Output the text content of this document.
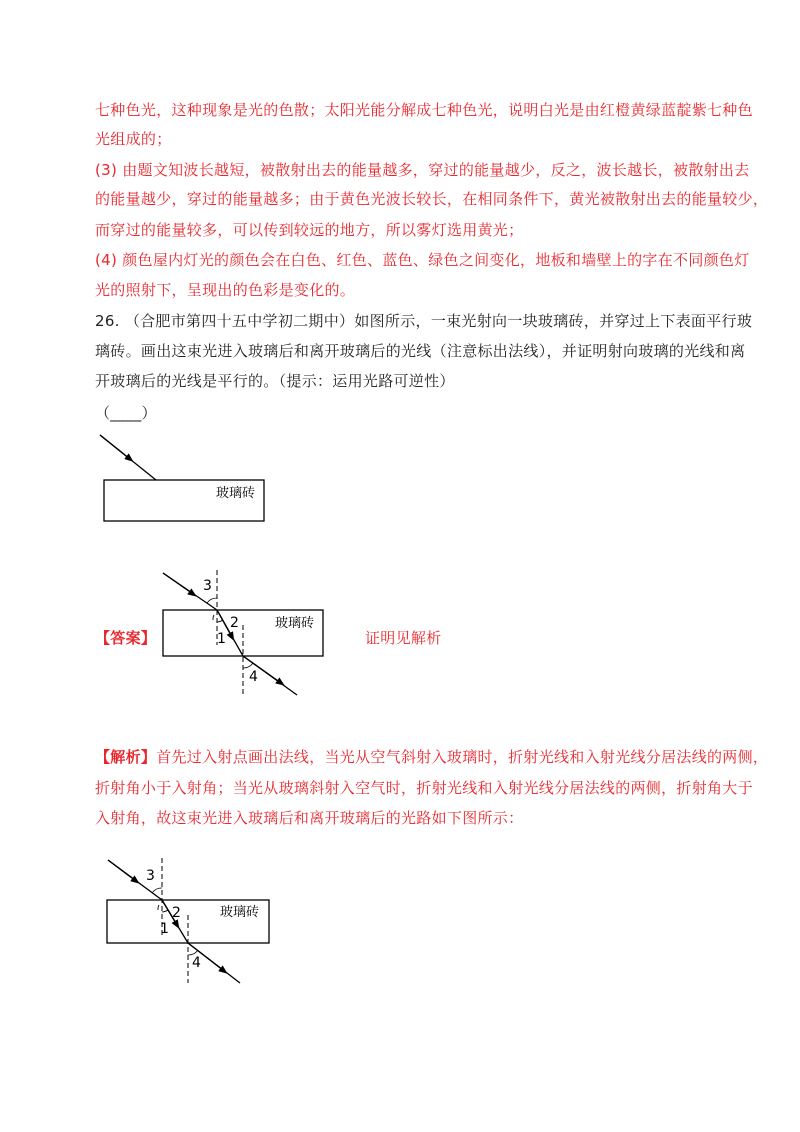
七种色光，这种现象是光的色散；太阳光能分解成七种色光，说明白光是由红橙黄绿蓝靛紫七种色
光组成的；
(3) 由题文知波长越短，被散射出去的能量越多，穿过的能量越少，反之，波长越长，被散射出去
的能量越少，穿过的能量越多；由于黄色光波长较长，在相同条件下，黄光被散射出去的能量较少，
而穿过的能量较多，可以传到较远的地方，所以雾灯选用黄光；
(4) 颜色屋内灯光的颜色会在白色、红色、蓝色、绿色之间变化，地板和墙壁上的字在不同颜色灯
光的照射下，呈现出的色彩是变化的。
26. （合肥市第四十五中学初二期中）如图所示，一束光射向一块玻璃砖，并穿过上下表面平行玻
璃砖。画出这束光进入玻璃后和离开玻璃后的光线（注意标出法线），并证明射向玻璃的光线和离
开玻璃后的光线是平行的。（提示：运用光路可逆性）
（____）
玻璃砖
【答案】	证明见解析
3
2
1
4
玻璃砖
【解析】首先过入射点画出法线，当光从空气斜射入玻璃时，折射光线和入射光线分居法线的两侧，
折射角小于入射角；当光从玻璃斜射入空气时，折射光线和入射光线分居法线的两侧，折射角大于
入射角，故这束光进入玻璃后和离开玻璃后的光路如下图所示：
3
2
1
4
玻璃砖
